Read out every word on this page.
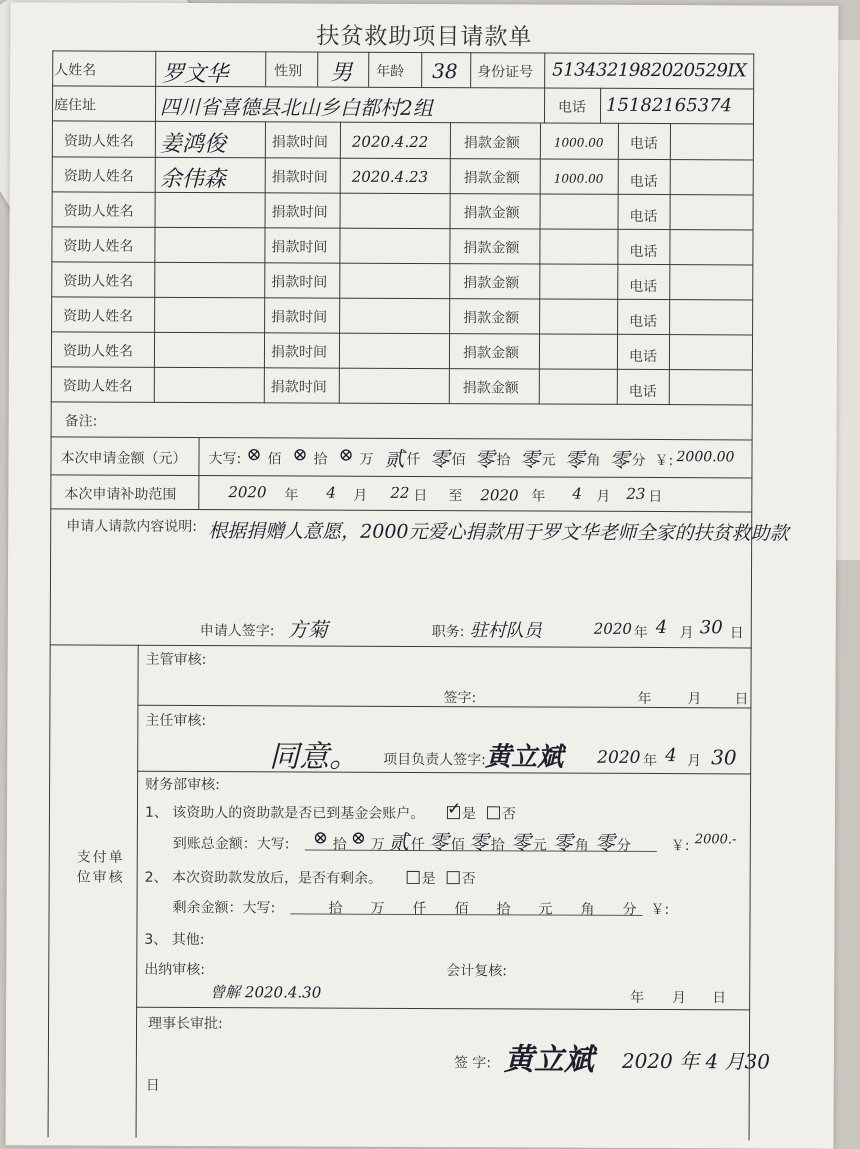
扶贫救助项目请款单
人姓名	罗文华	性别 男 年龄 38 身份证号 5134321982020529IX
庭住址	四川省喜德县北山乡白都村2组	电话 15182165374
资助人姓名 姜鸿俊	捐款时间 2020.4.22	捐款金额	1000.00 电话
资助人姓名 余伟森	捐款时间 2020.4.23	捐款金额	1000.00 电话
资助人姓名	捐款时间	捐款金额	电话
资助人姓名	捐款时间	捐款金额	电话
资助人姓名	捐款时间	捐款金额	电话
资助人姓名	捐款时间	捐款金额	电话
资助人姓名	捐款时间	捐款金额	电话
资助人姓名	捐款时间	捐款金额	电话
备注:
本次申请金额（元） 大写: ⊗ 佰 ⊗ 拾 ⊗ 万 贰 仟 零 佰 零 拾 零 元 零 角 零 分 ￥: 2000.00
本次申请补助范围	2020 年 4 月 22 日 至 2020 年 4 月 23 日
申请人请款内容说明: 根据捐赠人意愿，2000元爱心捐款用于罗文华老师全家的扶贫救助款
申请人签字: 方菊	职务: 驻村队员	2020 年 4 月 30 日
支付单位审核
主管审核:
签字:	年	月 日
主任审核:
同意。 项目负责人签字: 黄立斌 2020 年 4 月 30
财务部审核:
1、 该资助人的资助款是否已到基金会账户。 ✓ 是	否
到账总金额：大写: ⊗ 拾 ⊗ 万 贰 仟 零 佰 零 拾 零 元 零 角 零 分	￥: 2000.-
2、 本次资助款发放后，是否有剩余。	是	否
剩余金额：大写:	拾 万 仟 佰 拾 元 角 分 ￥:
3、 其他:
出纳审核:	会计复核:
曾解 2020.4.30	年 月 日
理事长审批:
签 字: 黄立斌 2020 年 4 月30
日
